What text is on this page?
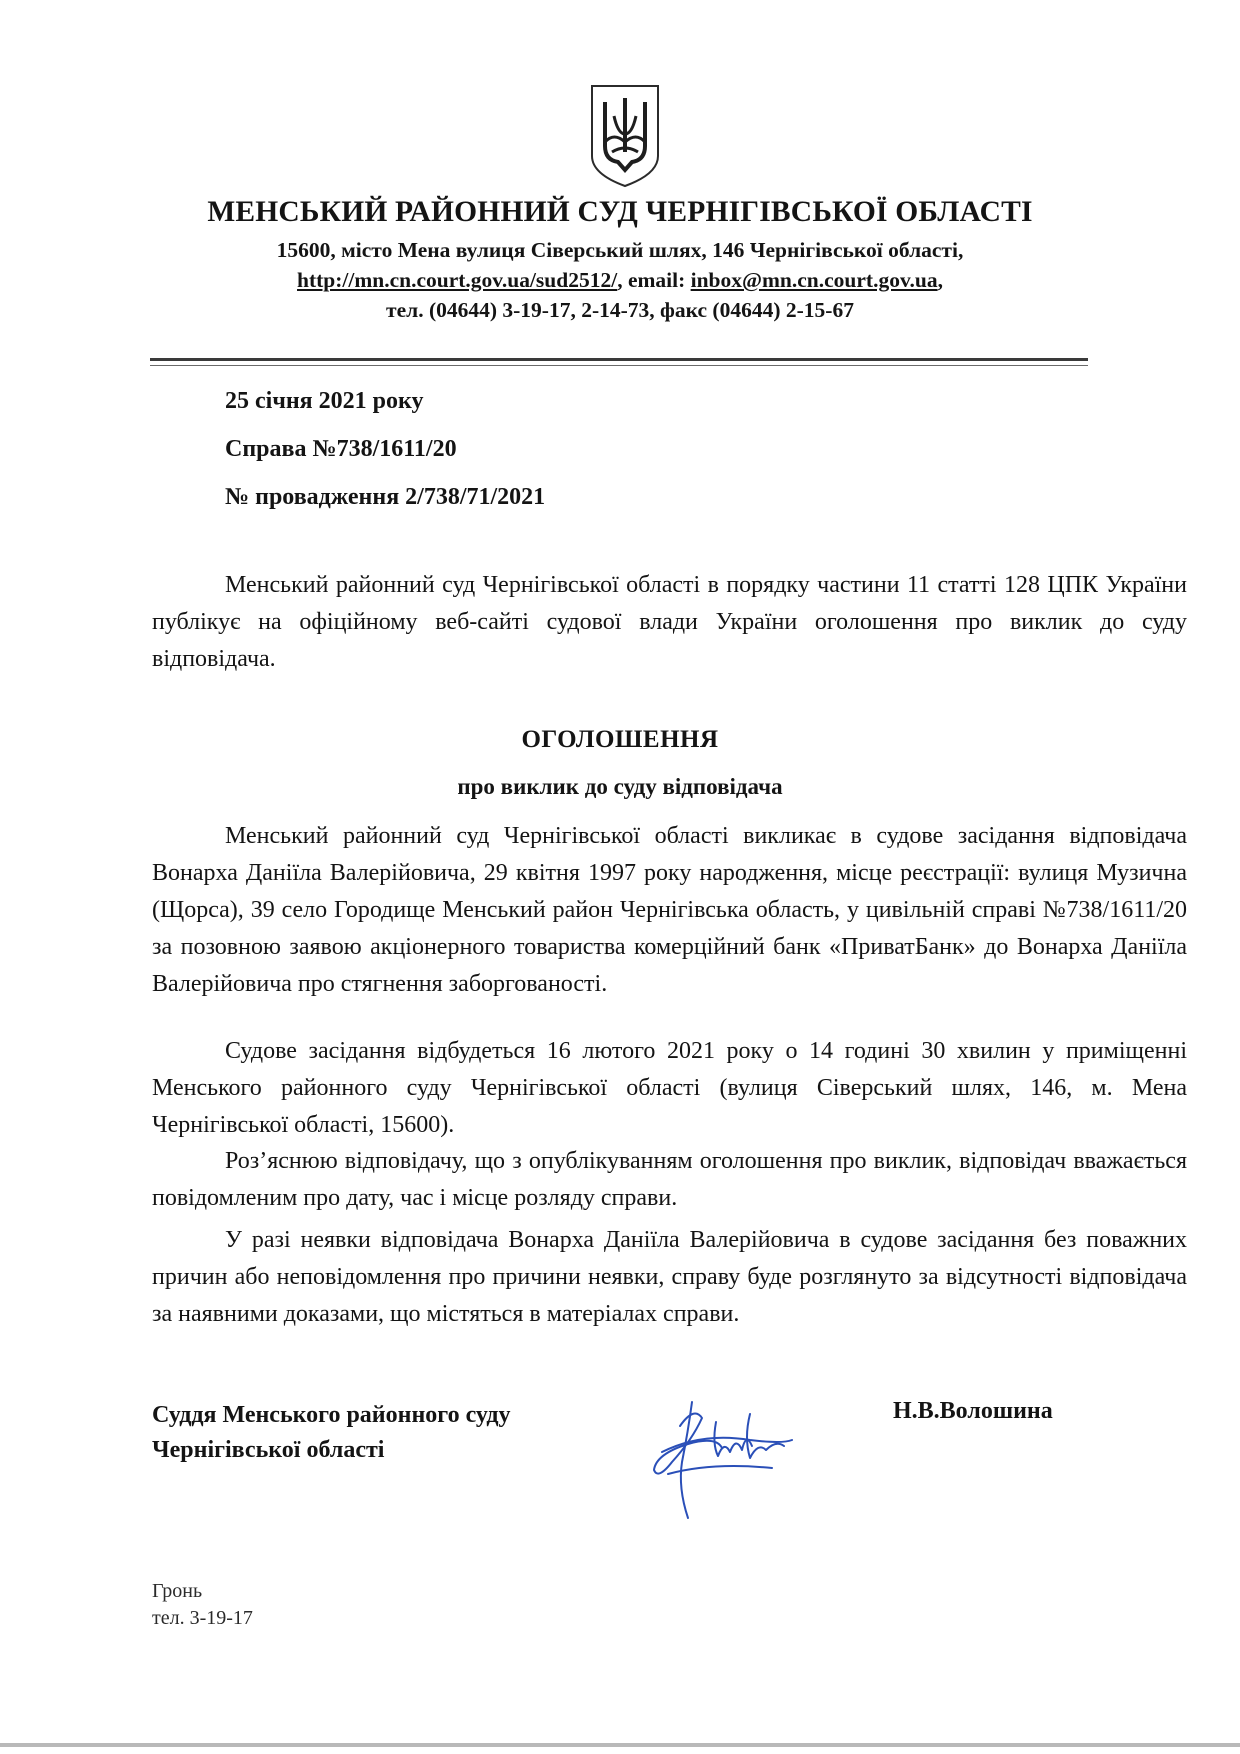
МЕНСЬКИЙ РАЙОННИЙ СУД ЧЕРНІГІВСЬКОЇ ОБЛАСТІ
15600, місто Мена вулиця Сіверський шлях, 146 Чернігівської області,
http://mn.cn.court.gov.ua/sud2512/, email: inbox@mn.cn.court.gov.ua,
тел. (04644) 3-19-17, 2-14-73, факс (04644) 2-15-67
25 січня 2021 року
Справа №738/1611/20
№ провадження 2/738/71/2021
Менський районний суд Чернігівської області в порядку частини 11 статті 128 ЦПК України публікує на офіційному веб-сайті судової влади України оголошення про виклик до суду відповідача.
ОГОЛОШЕННЯ
про виклик до суду відповідача
Менський районний суд Чернігівської області викликає в судове засідання відповідача Вонарха Даніїла Валерійовича, 29 квітня 1997 року народження, місце реєстрації: вулиця Музична (Щорса), 39 село Городище Менський район Чернігівська область, у цивільній справі №738/1611/20 за позовною заявою акціонерного товариства комерційний банк «ПриватБанк» до Вонарха Даніїла Валерійовича про стягнення заборгованості.
Судове засідання відбудеться 16 лютого 2021 року о 14 годині 30 хвилин у приміщенні Менського районного суду Чернігівської області (вулиця Сіверський шлях, 146, м. Мена Чернігівської області, 15600).
Роз’яснюю відповідачу, що з опублікуванням оголошення про виклик, відповідач вважається повідомленим про дату, час і місце розляду справи.
У разі неявки відповідача Вонарха Даніїла Валерійовича в судове засідання без поважних причин або неповідомлення про причини неявки, справу буде розглянуто за відсутності відповідача за наявними доказами, що містяться в матеріалах справи.
Суддя Менського районного суду
Чернігівської області
Н.В.Волошина
Гронь
тел. 3-19-17
